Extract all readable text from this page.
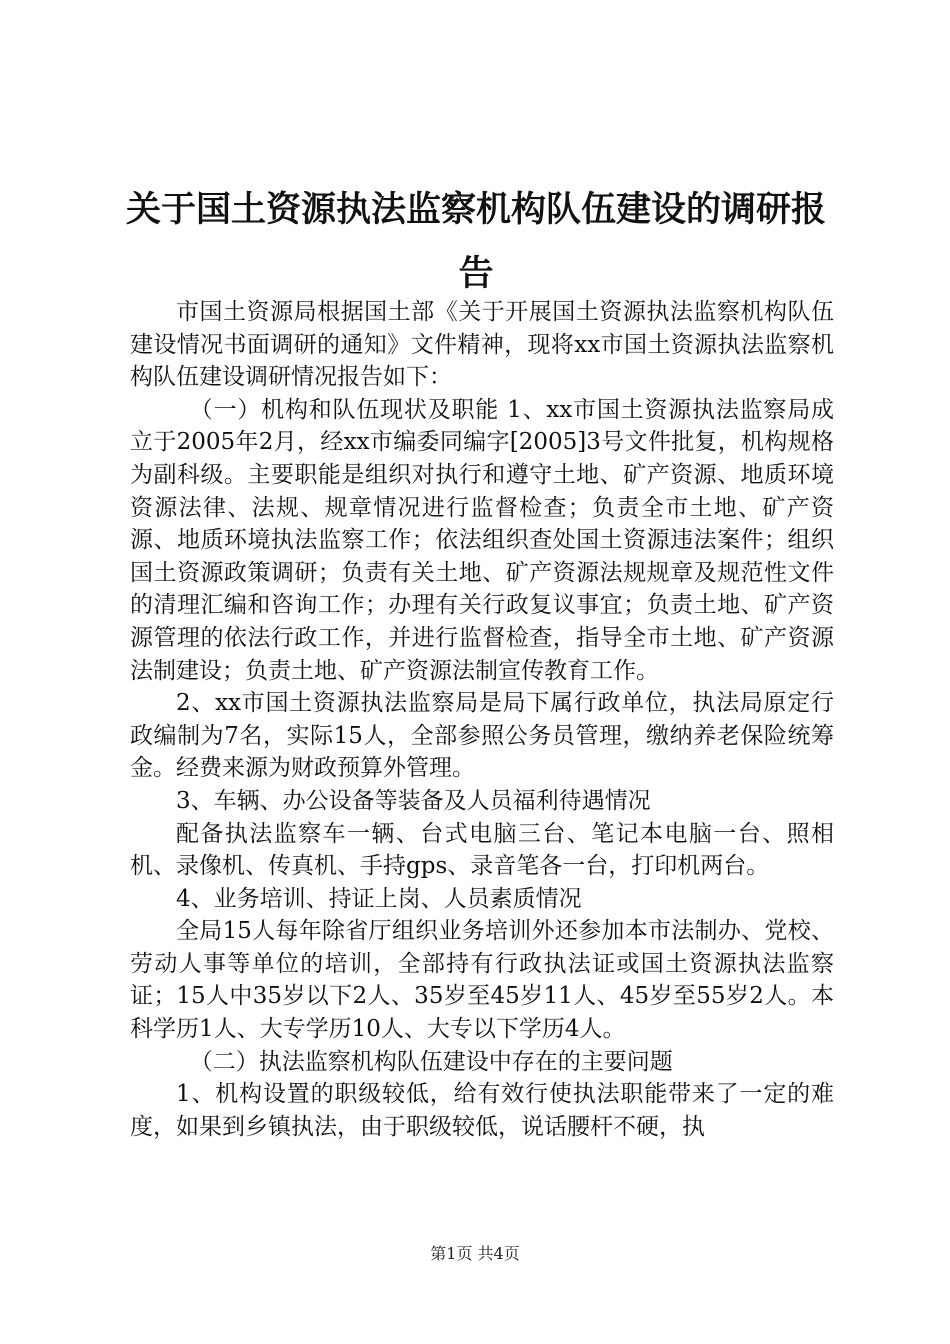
关于国土资源执法监察机构队伍建设的调研报告

市国土资源局根据国土部《关于开展国土资源执法监察机构队伍建设情况书面调研的通知》文件精神，现将xx市国土资源执法监察机构队伍建设调研情况报告如下：

（一）机构和队伍现状及职能 1、xx市国土资源执法监察局成立于2005年2月，经xx市编委同编字[2005]3号文件批复，机构规格为副科级。主要职能是组织对执行和遵守土地、矿产资源、地质环境资源法律、法规、规章情况进行监督检查；负责全市土地、矿产资源、地质环境执法监察工作；依法组织查处国土资源违法案件；组织国土资源政策调研；负责有关土地、矿产资源法规规章及规范性文件的清理汇编和咨询工作；办理有关行政复议事宜；负责土地、矿产资源管理的依法行政工作，并进行监督检查，指导全市土地、矿产资源法制建设；负责土地、矿产资源法制宣传教育工作。

2、xx市国土资源执法监察局是局下属行政单位，执法局原定行政编制为7名，实际15人，全部参照公务员管理，缴纳养老保险统筹金。经费来源为财政预算外管理。

3、车辆、办公设备等装备及人员福利待遇情况

配备执法监察车一辆、台式电脑三台、笔记本电脑一台、照相机、录像机、传真机、手持gps、录音笔各一台，打印机两台。

4、业务培训、持证上岗、人员素质情况

全局15人每年除省厅组织业务培训外还参加本市法制办、党校、劳动人事等单位的培训，全部持有行政执法证或国土资源执法监察证；15人中35岁以下2人、35岁至45岁11人、45岁至55岁2人。本科学历1人、大专学历10人、大专以下学历4人。

（二）执法监察机构队伍建设中存在的主要问题

1、机构设置的职级较低，给有效行使执法职能带来了一定的难度，如果到乡镇执法，由于职级较低，说话腰杆不硬，执

第1页 共4页
